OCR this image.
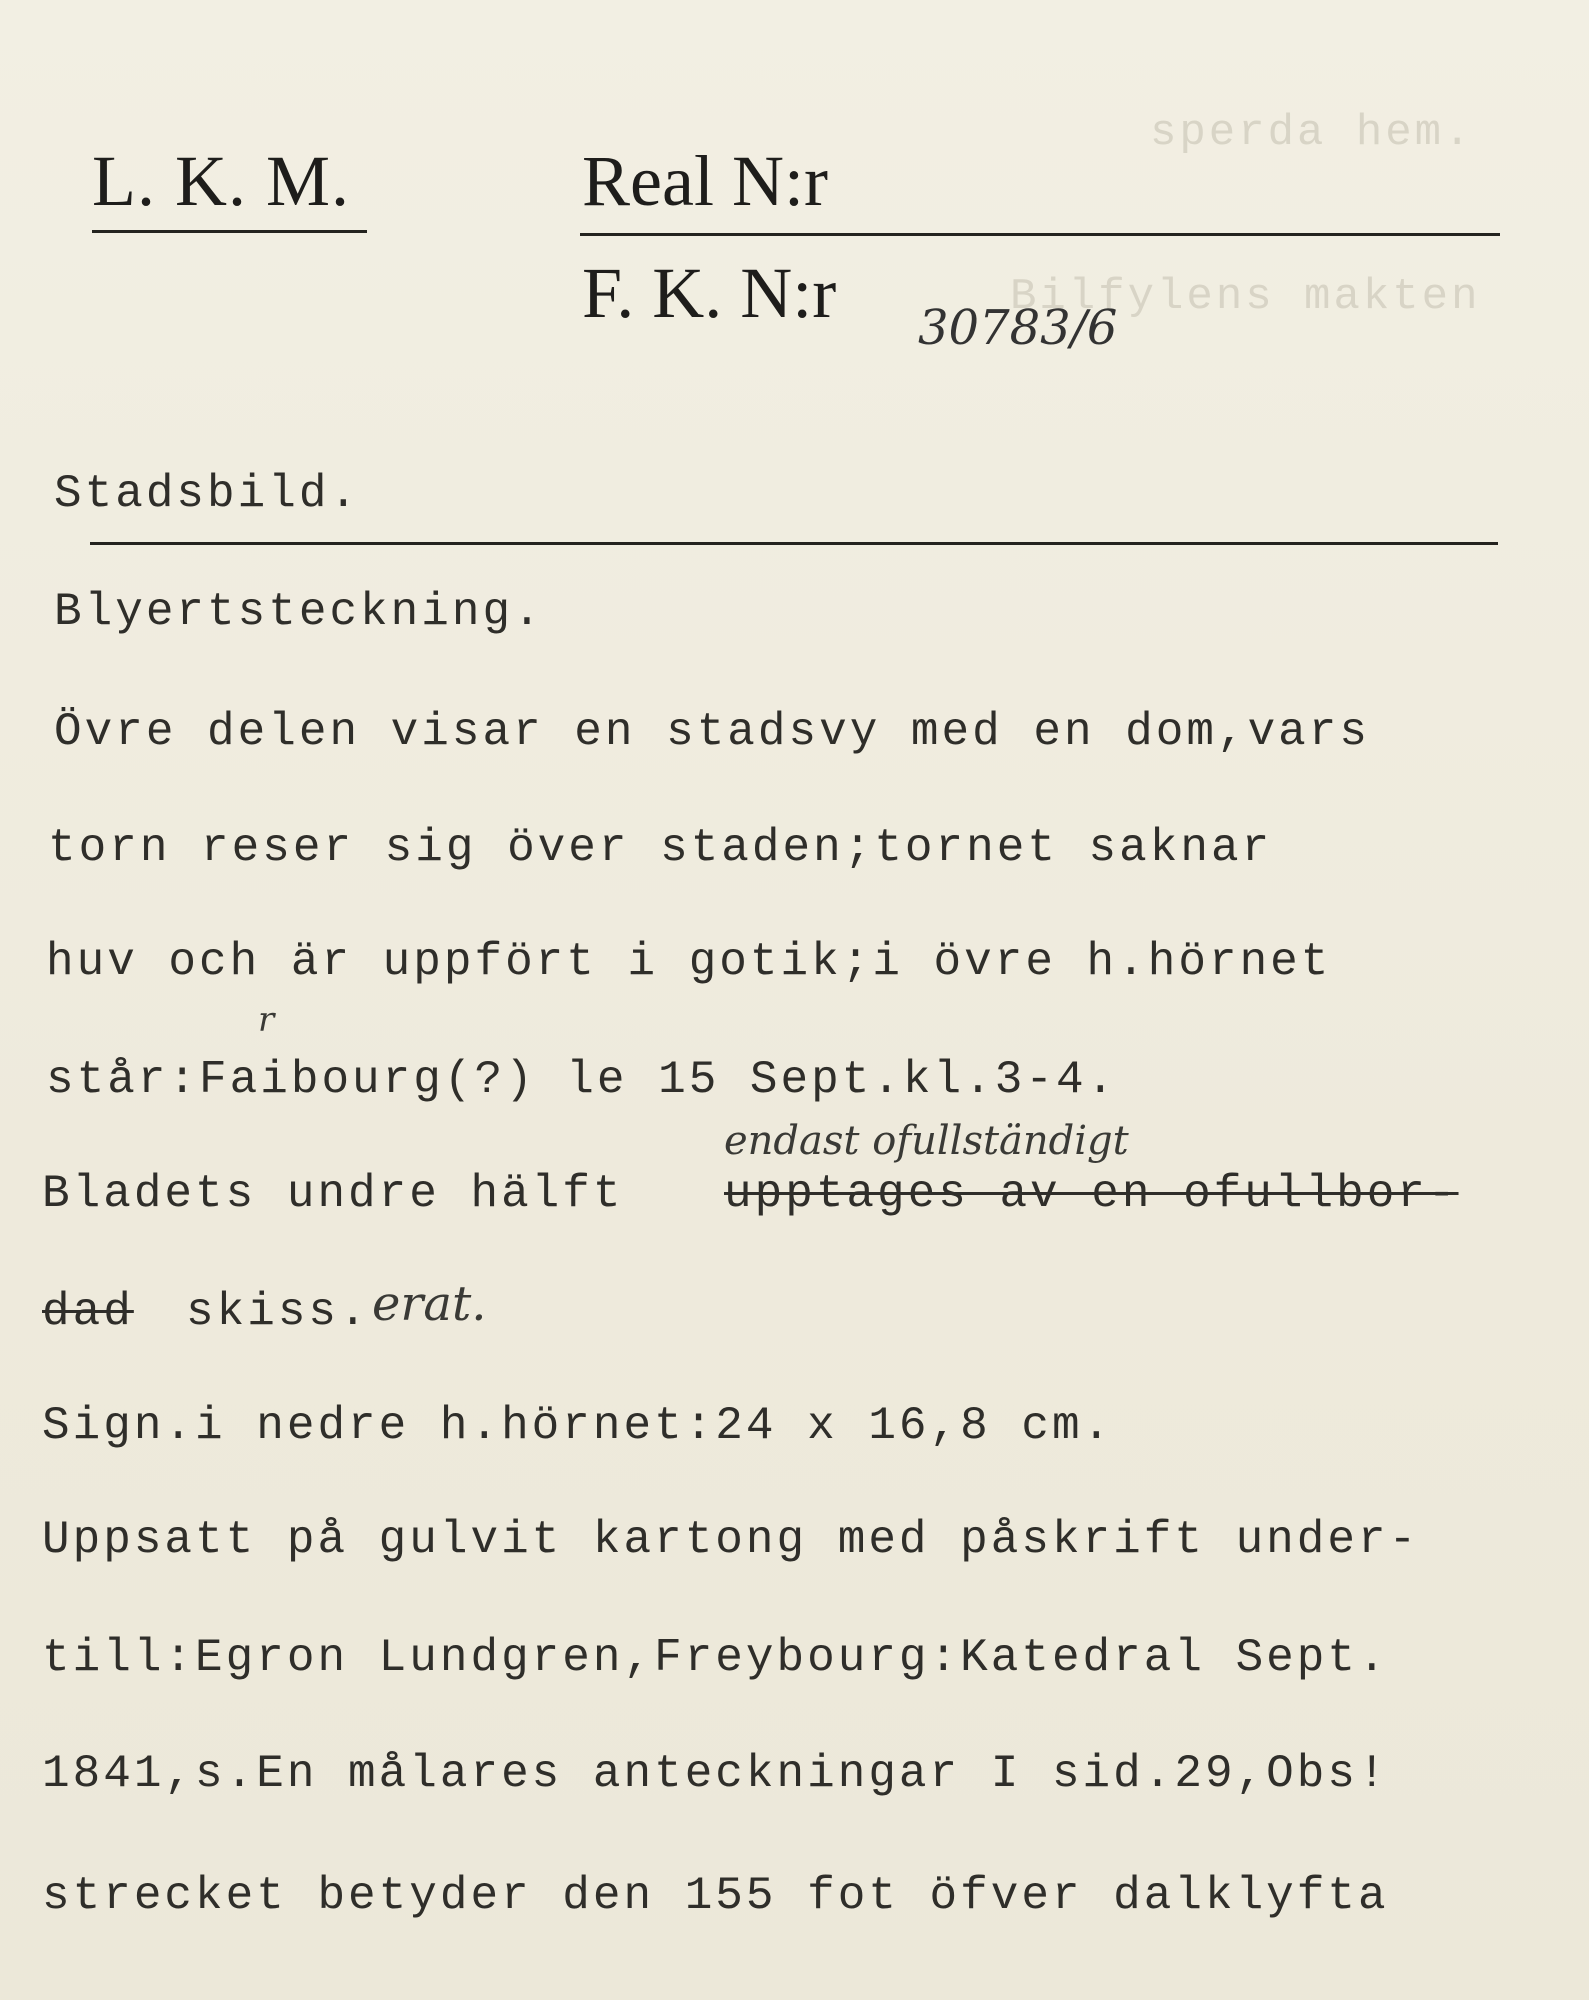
sperda hem.
Bilfylens makten
L. K. M.	Real N:r
F. K. N:r 30783/6
Stadsbild.
Blyertsteckning.
Övre delen visar en stadsvy med en dom,vars
torn reser sig över staden;tornet saknar
huv och är uppfört i gotik;i övre h.hörnet
r
står:Faibourg(?) le 15 Sept.kl.3-4.
endast ofullständigt
Bladets undre hälft upptages av en ofullbor-
dad skiss. erat.
Sign.i nedre h.hörnet:24 x 16,8 cm.
Uppsatt på gulvit kartong med påskrift under-
till:Egron Lundgren,Freybourg:Katedral Sept.
1841,s.En målares anteckningar I sid.29,Obs!
strecket betyder den 155 fot öfver dalklyfta
